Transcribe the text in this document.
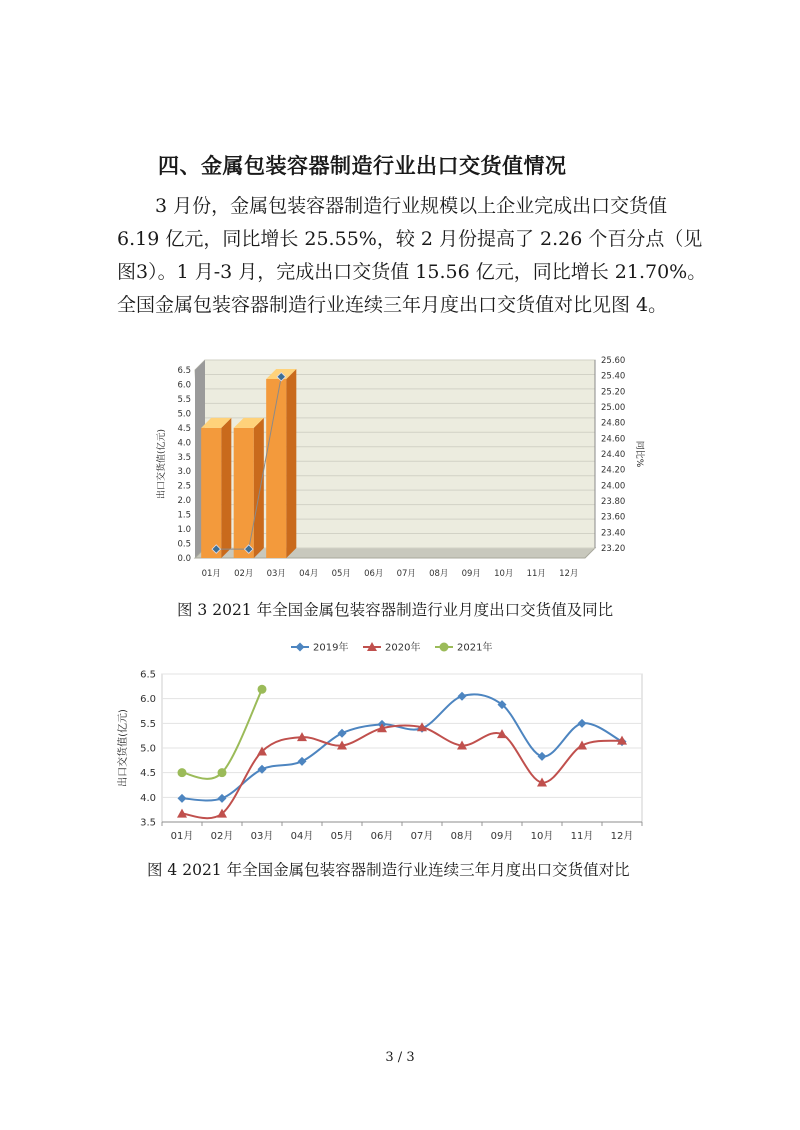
四、金属包装容器制造行业出口交货值情况
3 月份，金属包装容器制造行业规模以上企业完成出口交货值
6.19 亿元，同比增长 25.55%，较 2 月份提高了 2.26 个百分点（见
图3）。1 月-3 月，完成出口交货值 15.56 亿元，同比增长 21.70%。
全国金属包装容器制造行业连续三年月度出口交货值对比见图 4。
0.0
0.5
1.0
1.5
2.0
2.5
3.0
3.5
4.0
4.5
5.0
5.5
6.0
6.5
23.20
23.40
23.60
23.80
24.00
24.20
24.40
24.60
24.80
25.00
25.20
25.40
25.60
01月 02月 03月 04月 05月 06月 07月 08月 09月 10月 11月 12月
出口交货值(亿元)	同比%
图 3 2021 年全国金属包装容器制造行业月度出口交货值及同比
3.5
4.0
4.5
5.0
5.5
6.0
6.5
01月 02月 03月 04月 05月 06月 07月 08月 09月 10月 11月 12月
出口交货值(亿元)
2019年	2020年	2021年
图 4 2021 年全国金属包装容器制造行业连续三年月度出口交货值对比
3 / 3
